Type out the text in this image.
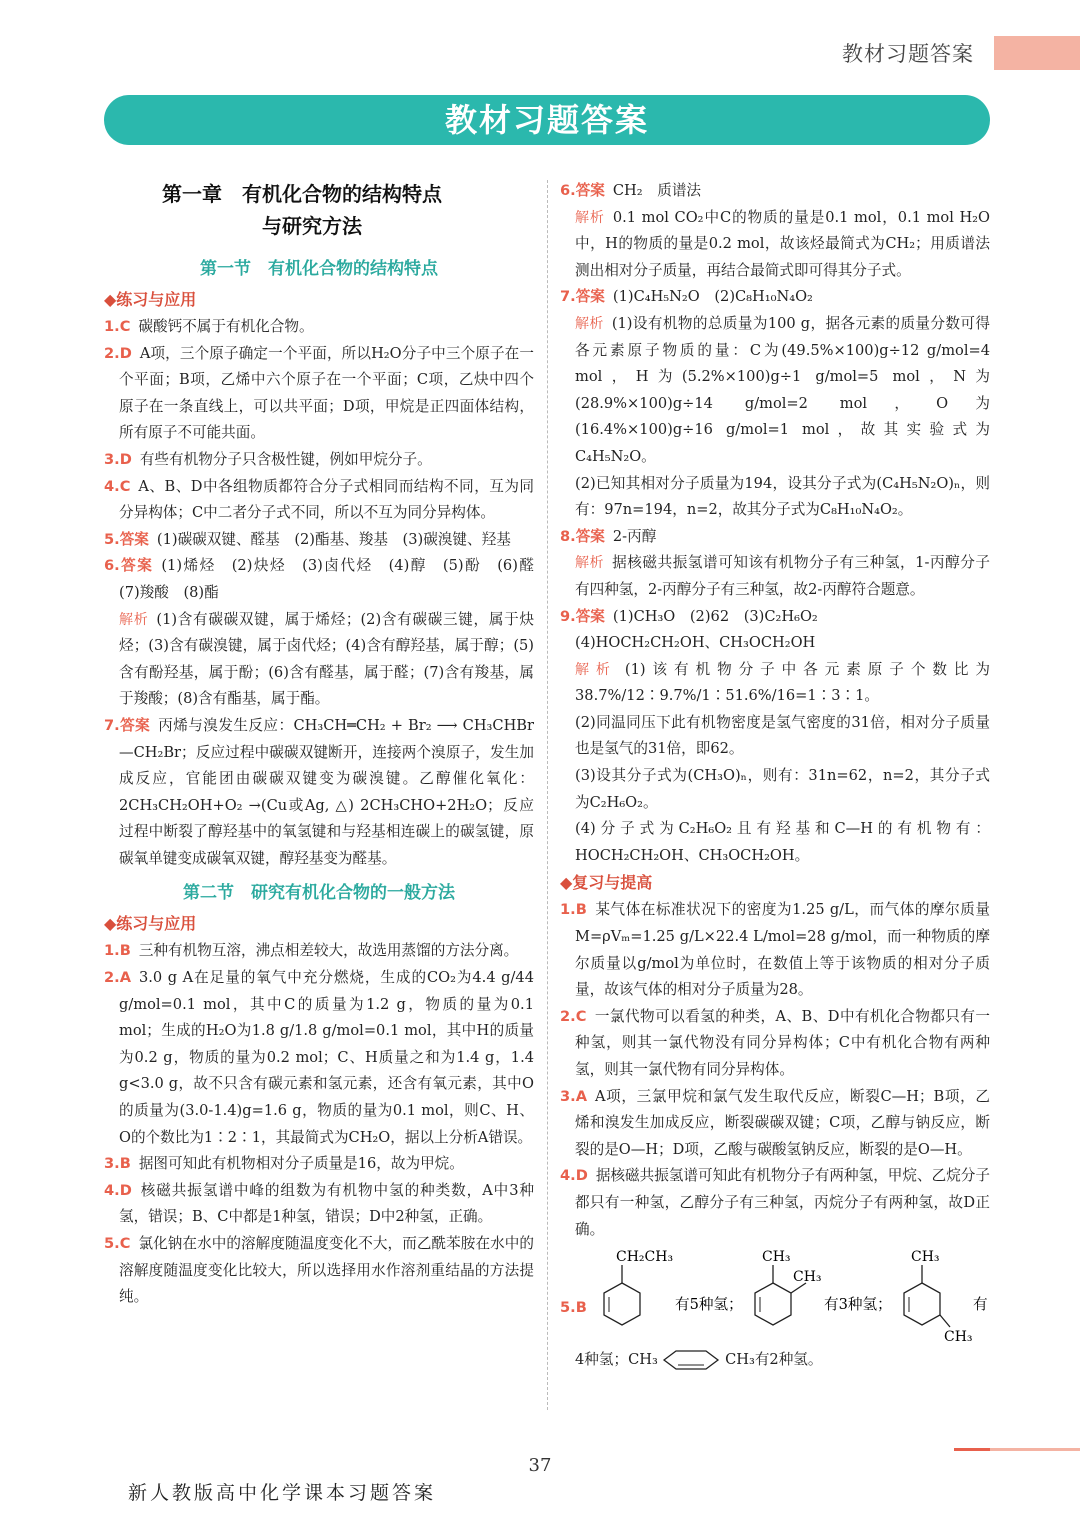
教材习题答案
教材习题答案
第一章　有机化合物的结构特点
与研究方法
第一节　有机化合物的结构特点
◆练习与应用
1.C 碳酸钙不属于有机化合物。
2.D A项，三个原子确定一个平面，所以H₂O分子中三个原子在一个平面；B项，乙烯中六个原子在一个平面；C项，乙炔中四个原子在一条直线上，可以共平面；D项，甲烷是正四面体结构，所有原子不可能共面。
3.D 有些有机物分子只含极性键，例如甲烷分子。
4.C A、B、D中各组物质都符合分子式相同而结构不同，互为同分异构体；C中二者分子式不同，所以不互为同分异构体。
5.答案 (1)碳碳双键、醛基　(2)酯基、羧基　(3)碳溴键、羟基
6.答案 (1)烯烃　(2)炔烃　(3)卤代烃　(4)醇　(5)酚　(6)醛　(7)羧酸　(8)酯
解析 (1)含有碳碳双键，属于烯烃；(2)含有碳碳三键，属于炔烃；(3)含有碳溴键，属于卤代烃；(4)含有醇羟基，属于醇；(5)含有酚羟基，属于酚；(6)含有醛基，属于醛；(7)含有羧基，属于羧酸；(8)含有酯基，属于酯。
7.答案 丙烯与溴发生反应：CH₃CH═CH₂ + Br₂ ⟶ CH₃CHBr—CH₂Br；反应过程中碳碳双键断开，连接两个溴原子，发生加成反应，官能团由碳碳双键变为碳溴键。乙醇催化氧化：2CH₃CH₂OH+O₂ →(Cu或Ag, △) 2CH₃CHO+2H₂O；反应过程中断裂了醇羟基中的氧氢键和与羟基相连碳上的碳氢键，原碳氧单键变成碳氧双键，醇羟基变为醛基。
第二节　研究有机化合物的一般方法
◆练习与应用
1.B 三种有机物互溶，沸点相差较大，故选用蒸馏的方法分离。
2.A 3.0 g A在足量的氧气中充分燃烧，生成的CO₂为4.4 g/44 g/mol=0.1 mol，其中C的质量为1.2 g，物质的量为0.1 mol；生成的H₂O为1.8 g/1.8 g/mol=0.1 mol，其中H的质量为0.2 g，物质的量为0.2 mol；C、H质量之和为1.4 g，1.4 g<3.0 g，故不只含有碳元素和氢元素，还含有氧元素，其中O的质量为(3.0-1.4)g=1.6 g，物质的量为0.1 mol，则C、H、O的个数比为1∶2∶1，其最简式为CH₂O，据以上分析A错误。
3.B 据图可知此有机物相对分子质量是16，故为甲烷。
4.D 核磁共振氢谱中峰的组数为有机物中氢的种类数，A中3种氢，错误；B、C中都是1种氢，错误；D中2种氢，正确。
5.C 氯化钠在水中的溶解度随温度变化不大，而乙酰苯胺在水中的溶解度随温度变化比较大，所以选择用水作溶剂重结晶的方法提纯。
6.答案 CH₂　质谱法
解析 0.1 mol CO₂中C的物质的量是0.1 mol，0.1 mol H₂O中，H的物质的量是0.2 mol，故该烃最简式为CH₂；用质谱法测出相对分子质量，再结合最简式即可得其分子式。
7.答案 (1)C₄H₅N₂O　(2)C₈H₁₀N₄O₂
解析 (1)设有机物的总质量为100 g，据各元素的质量分数可得各元素原子物质的量：C为(49.5%×100)g÷12 g/mol=4 mol，H为(5.2%×100)g÷1 g/mol=5 mol，N为(28.9%×100)g÷14 g/mol=2 mol，O为(16.4%×100)g÷16 g/mol=1 mol，故其实验式为C₄H₅N₂O。
(2)已知其相对分子质量为194，设其分子式为(C₄H₅N₂O)ₙ，则有：97n=194，n=2，故其分子式为C₈H₁₀N₄O₂。
8.答案 2-丙醇
解析 据核磁共振氢谱可知该有机物分子有三种氢，1-丙醇分子有四种氢，2-丙醇分子有三种氢，故2-丙醇符合题意。
9.答案 (1)CH₃O　(2)62　(3)C₂H₆O₂
(4)HOCH₂CH₂OH、CH₃OCH₂OH
解析 (1)该有机物分子中各元素原子个数比为38.7%/12∶9.7%/1∶51.6%/16=1∶3∶1。
(2)同温同压下此有机物密度是氢气密度的31倍，相对分子质量也是氢气的31倍，即62。
(3)设其分子式为(CH₃O)ₙ，则有：31n=62，n=2，其分子式为C₂H₆O₂。
(4)分子式为C₂H₆O₂且有羟基和C—H的有机物有：HOCH₂CH₂OH、CH₃OCH₂OH。
◆复习与提高
1.B 某气体在标准状况下的密度为1.25 g/L，而气体的摩尔质量M=ρVₘ=1.25 g/L×22.4 L/mol=28 g/mol，而一种物质的摩尔质量以g/mol为单位时，在数值上等于该物质的相对分子质量，故该气体的相对分子质量为28。
2.C 一氯代物可以看氢的种类，A、B、D中有机化合物都只有一种氢，则其一氯代物没有同分异构体；C中有机化合物有两种氢，则其一氯代物有同分异构体。
3.A A项，三氯甲烷和氯气发生取代反应，断裂C—H；B项，乙烯和溴发生加成反应，断裂碳碳双键；C项，乙醇与钠反应，断裂的是O—H；D项，乙酸与碳酸氢钠反应，断裂的是O—H。
4.D 据核磁共振氢谱可知此有机物分子有两种氢，甲烷、乙烷分子都只有一种氢，乙醇分子有三种氢，丙烷分子有两种氢，故D正确。
5.B
CH₂CH₃
有5种氢；
CH₃
CH₃
有3种氢；
CH₃
CH₃
有
4种氢；CH₃	CH₃有2种氢。
37
新人教版高中化学课本习题答案
